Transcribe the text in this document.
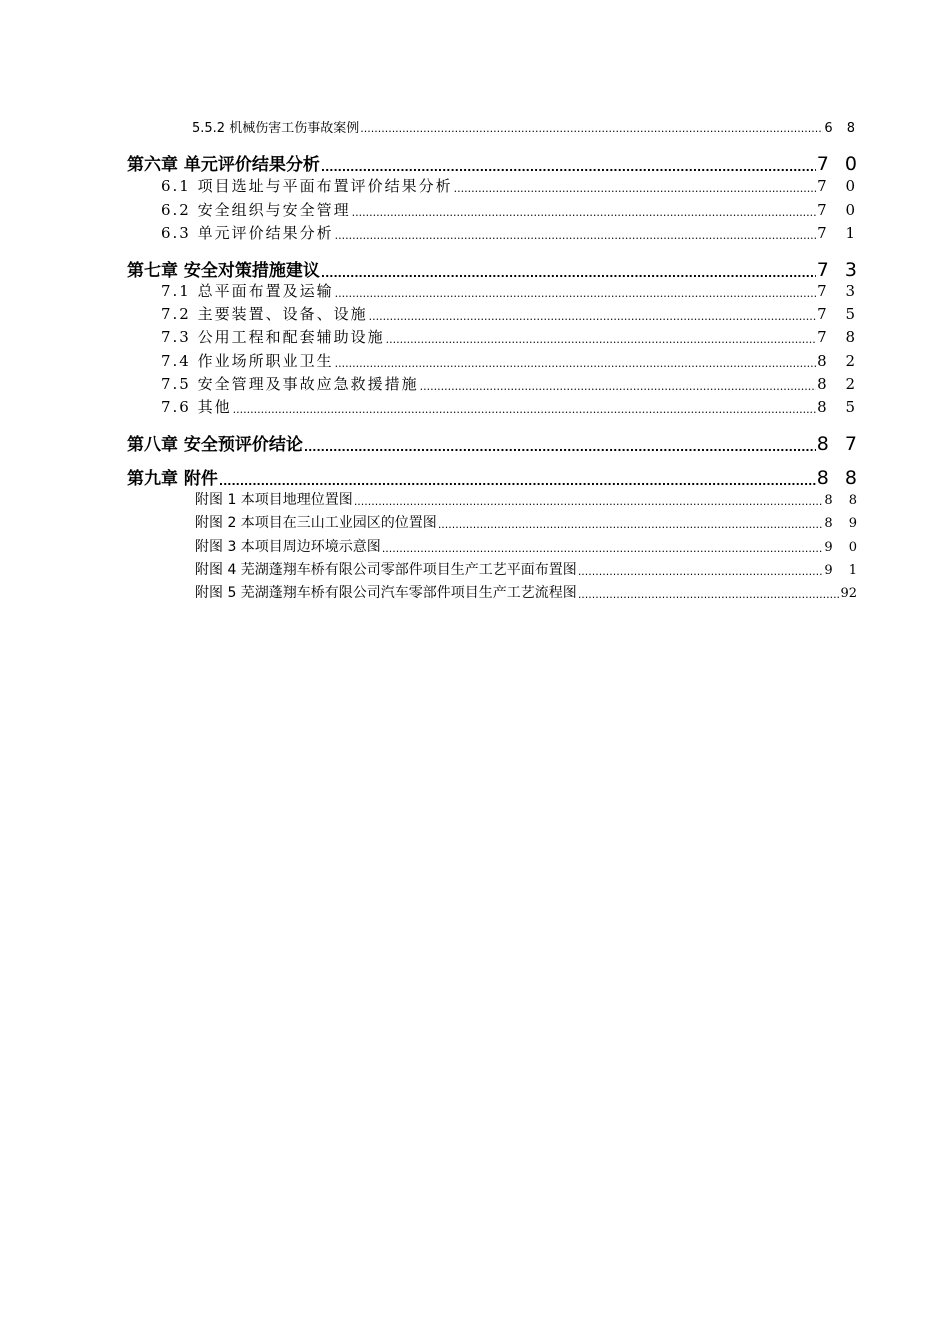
5.5.2 机械伤害工伤事故案例 .....	6 8
第六章 单元评价结果分析 .....	7 0
6.1 项目选址与平面布置评价结果分析 .....	7 0
6.2 安全组织与安全管理 .....	7 0
6.3 单元评价结果分析 .....	7 1
第七章 安全对策措施建议 .....	7 3
7.1 总平面布置及运输 .....	7 3
7.2 主要装置、设备、设施 .....	7 5
7.3 公用工程和配套辅助设施 .....	7 8
7.4 作业场所职业卫生 .....	8 2
7.5 安全管理及事故应急救援措施 .....	8 2
7.6 其他 .....	8 5
第八章 安全预评价结论 .....	8 7
第九章 附件 .....	8 8
附图 1 本项目地理位置图 .....	8 8
附图 2 本项目在三山工业园区的位置图 .....	8 9
附图 3 本项目周边环境示意图 .....	9 0
附图 4 芜湖蓬翔车桥有限公司零部件项目生产工艺平面布置图 .....	9 1
附图 5 芜湖蓬翔车桥有限公司汽车零部件项目生产工艺流程图 .....	92
